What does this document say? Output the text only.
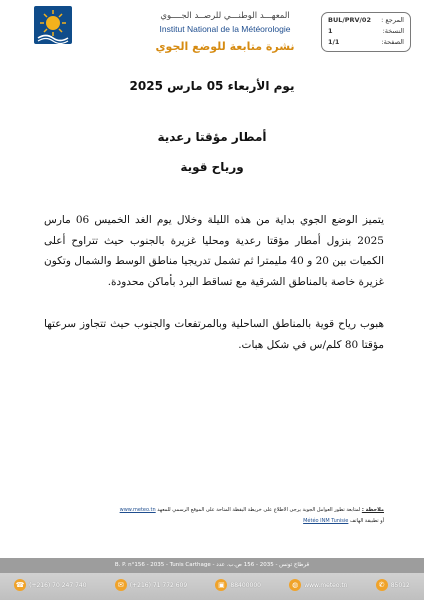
المعهـــد الوطنـــي للرصــد الجــــوي
Institut National de la Météorologie
نشرة متابعة للوضع الجوي
BUL/PRV/02 المرجع :
1	النسخة:
1/1	الصفحة:
يوم الأربعاء 05 مارس 2025
أمطار مؤقتا رعدية
ورياح قوية
يتميز الوضع الجوي بداية من هذه الليلة وخلال يوم الغد الخميس 06 مارس 2025 بنزول أمطار مؤقتا رعدية ومحليا غزيرة بالجنوب حيث تتراوح أعلى الكميات بين 20 و 40 مليمترا ثم تشمل تدريجيا مناطق الوسط والشمال وتكون غزيرة خاصة بالمناطق الشرقية مع تساقط البرد بأماكن محدودة.
هبوب رياح قوية بالمناطق الساحلية وبالمرتفعات والجنوب حيث تتجاوز سرعتها مؤقتا 80 كلم/س في شكل هبات.
ملاحظة : لمتابعة تطور العوامل الجوية يرجى الاطلاع على خريطة اليقظة المتاحة على الموقع الرسمي للمعهد www.meteo.tn
أو تطبيقة الهاتف Météo INM Tunisie
B. P. n°156 - 2035 - Tunis Carthage - قرطاج تونس - 2035 - 156 ص.ب. عدد
☎ (+216) 70 247 740	✉	(+216) 71 772 609	▣ 88400000	◍ www.meteo.tn	✆	85012
